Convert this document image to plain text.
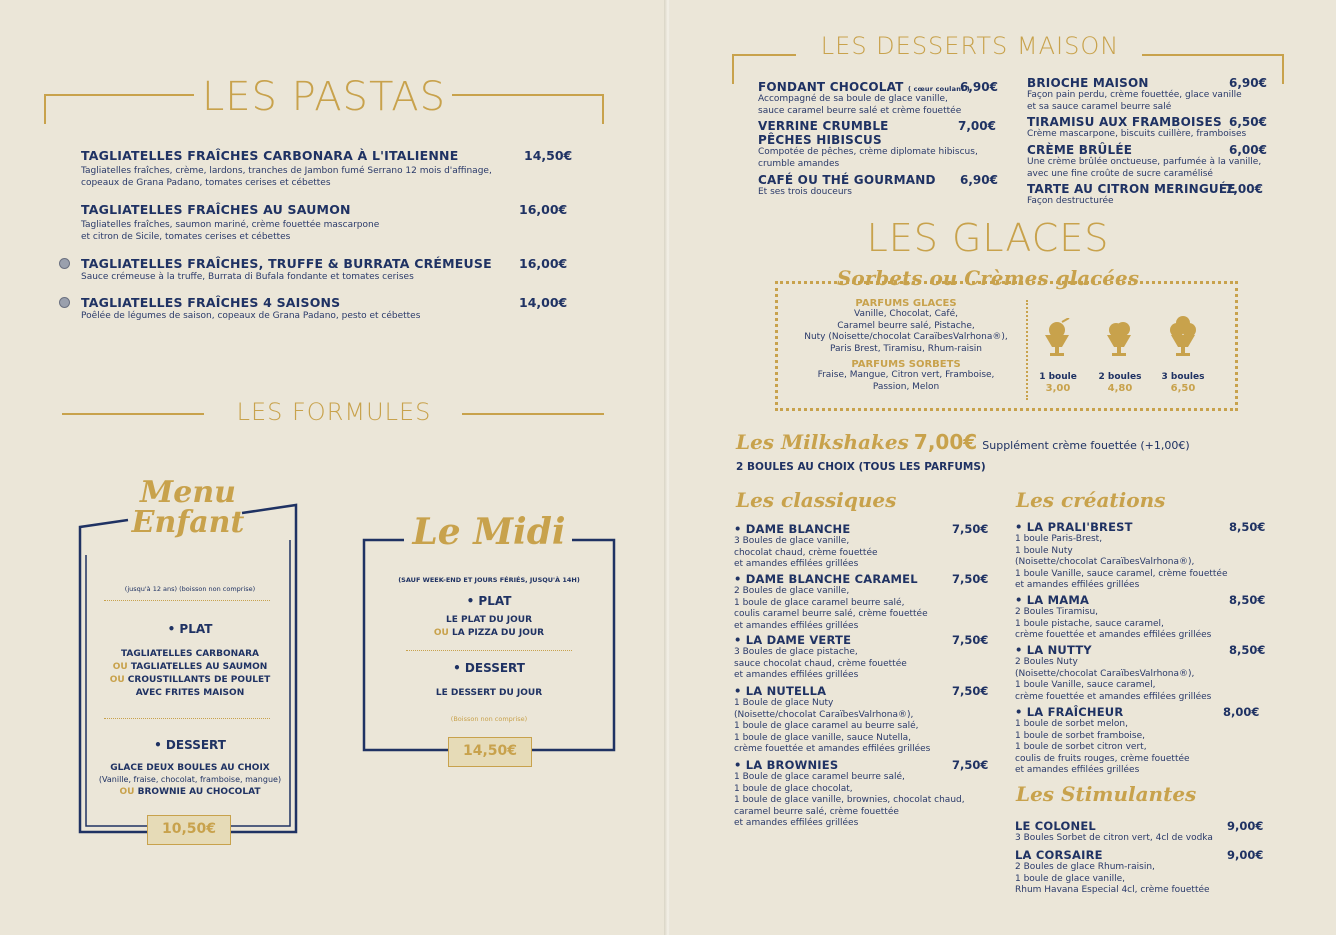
LES PASTAS
TAGLIATELLES FRAÎCHES CARBONARA À L'ITALIENNE	14,50€
Tagliatelles fraîches, crème, lardons, tranches de Jambon fumé Serrano 12 mois d'affinage,
copeaux de Grana Padano, tomates cerises et cébettes
TAGLIATELLES FRAÎCHES AU SAUMON	16,00€
Tagliatelles fraîches, saumon mariné, crème fouettée mascarpone
et citron de Sicile, tomates cerises et cébettes
TAGLIATELLES FRAÎCHES, TRUFFE & BURRATA CRÉMEUSE	16,00€
Sauce crémeuse à la truffe, Burrata di Bufala fondante et tomates cerises
TAGLIATELLES FRAÎCHES 4 SAISONS	14,00€
Poêlée de légumes de saison, copeaux de Grana Padano, pesto et cébettes
LES FORMULES
Menu
Enfant
(jusqu'à 12 ans) (boisson non comprise)
• PLAT
TAGLIATELLES CARBONARA
OU TAGLIATELLES AU SAUMON
OU CROUSTILLANTS DE POULET
AVEC FRITES MAISON
• DESSERT
GLACE DEUX BOULES AU CHOIX
(Vanille, fraise, chocolat, framboise, mangue)
OU BROWNIE AU CHOCOLAT
10,50€
Le Midi
(SAUF WEEK-END ET JOURS FÉRIÉS, JUSQU'À 14H)
• PLAT
LE PLAT DU JOUR
OU LA PIZZA DU JOUR
• DESSERT
LE DESSERT DU JOUR
(Boisson non comprise)
14,50€
LES DESSERTS MAISON
FONDANT CHOCOLAT ( cœur coulant )
6,90€
Accompagné de sa boule de glace vanille,
sauce caramel beurre salé et crème fouettée
VERRINE CRUMBLE
PÊCHES HIBISCUS
7,00€
Compotée de pêches, crème diplomate hibiscus,
crumble amandes
CAFÉ OU THÉ GOURMAND	6,90€
Et ses trois douceurs
BRIOCHE MAISON	6,90€
Façon pain perdu, crème fouettée, glace vanille
et sa sauce caramel beurre salé
TIRAMISU AUX FRAMBOISES 6,50€
Crème mascarpone, biscuits cuillère, framboises
CRÈME BRÛLÉE	6,00€
Une crème brûlée onctueuse, parfumée à la vanille,
avec une fine croûte de sucre caramélisé
TARTE AU CITRON MERINGUÉE
7,00€
Façon destructurée
LES GLACES
Sorbets ou Crèmes glacées
PARFUMS GLACES
Vanille, Chocolat, Café,
Caramel beurre salé, Pistache,
Nuty (Noisette/chocolat CaraïbesValrhona®),
Paris Brest, Tiramisu, Rhum-raisin
PARFUMS SORBETS
Fraise, Mangue, Citron vert, Framboise,
Passion, Melon
1 boule
3,00
2 boules
4,80
3 boules
6,50
Les Milkshakes 7,00€ Supplément crème fouettée (+1,00€)
2 BOULES AU CHOIX (TOUS LES PARFUMS)
Les classiques
• DAME BLANCHE	7,50€
3 Boules de glace vanille,
chocolat chaud, crème fouettée
et amandes effilées grillées
• DAME BLANCHE CARAMEL	7,50€
2 Boules de glace vanille,
1 boule de glace caramel beurre salé,
coulis caramel beurre salé, crème fouettée
et amandes effilées grillées
• LA DAME VERTE	7,50€
3 Boules de glace pistache,
sauce chocolat chaud, crème fouettée
et amandes effilées grillées
• LA NUTELLA	7,50€
1 Boule de glace Nuty
(Noisette/chocolat CaraïbesValrhona®),
1 boule de glace caramel au beurre salé,
1 boule de glace vanille, sauce Nutella,
crème fouettée et amandes effilées grillées
• LA BROWNIES	7,50€
1 Boule de glace caramel beurre salé,
1 boule de glace chocolat,
1 boule de glace vanille, brownies, chocolat chaud,
caramel beurre salé, crème fouettée
et amandes effilées grillées
Les créations
• LA PRALI'BREST	8,50€
1 boule Paris-Brest,
1 boule Nuty
(Noisette/chocolat CaraïbesValrhona®),
1 boule Vanille, sauce caramel, crème fouettée
et amandes effilées grillées
• LA MAMA	8,50€
2 Boules Tiramisu,
1 boule pistache, sauce caramel,
crème fouettée et amandes effilées grillées
• LA NUTTY	8,50€
2 Boules Nuty
(Noisette/chocolat CaraïbesValrhona®),
1 boule Vanille, sauce caramel,
crème fouettée et amandes effilées grillées
• LA FRAÎCHEUR	8,00€
1 boule de sorbet melon,
1 boule de sorbet framboise,
1 boule de sorbet citron vert,
coulis de fruits rouges, crème fouettée
et amandes effilées grillées
Les Stimulantes
LE COLONEL	9,00€
3 Boules Sorbet de citron vert, 4cl de vodka
LA CORSAIRE	9,00€
2 Boules de glace Rhum-raisin,
1 boule de glace vanille,
Rhum Havana Especial 4cl, crème fouettée
